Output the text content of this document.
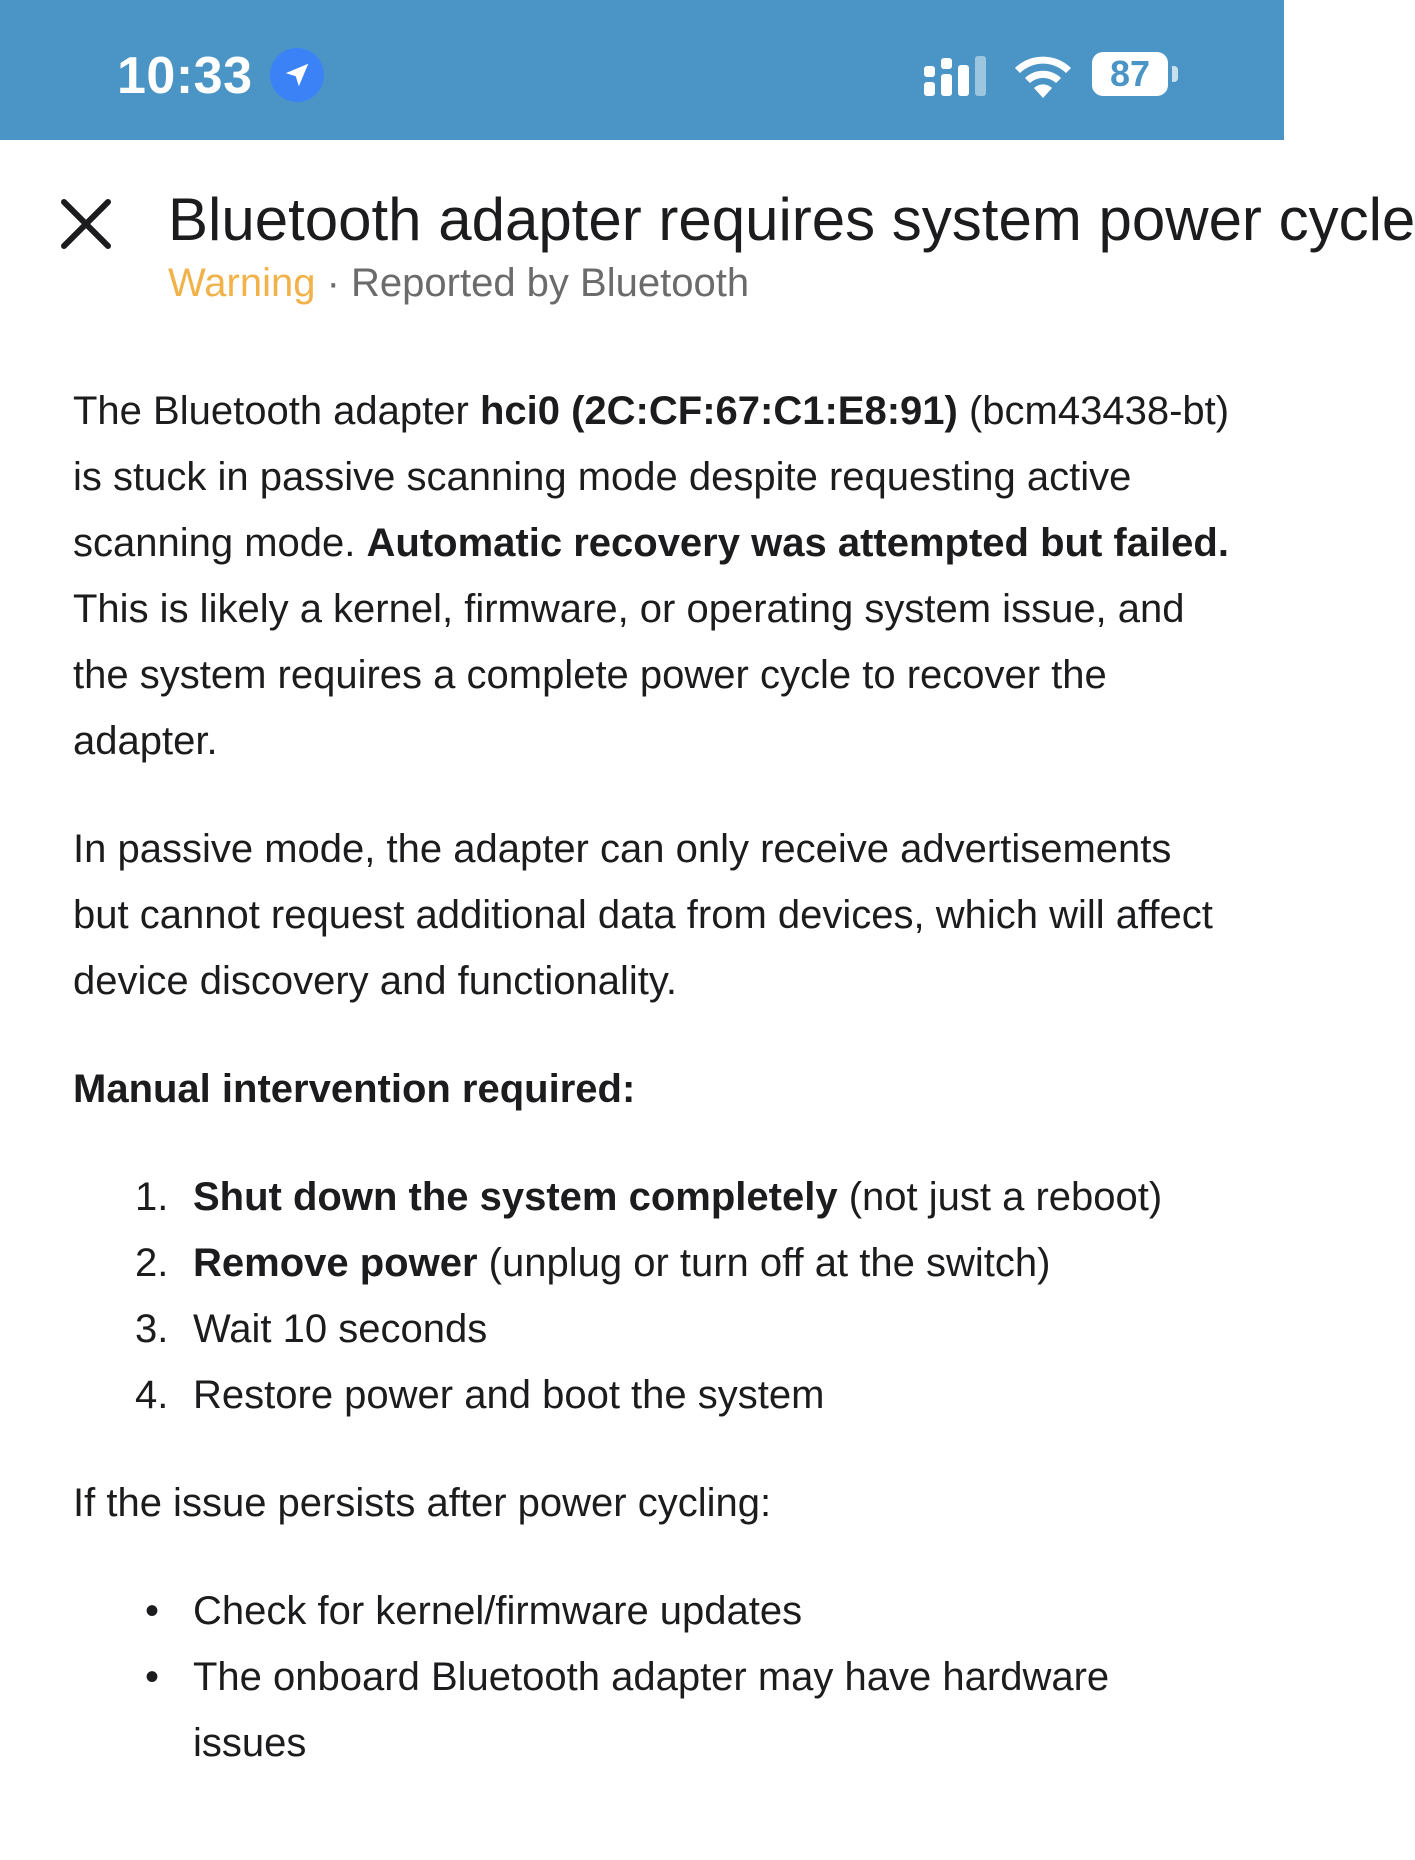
10:33	87
Bluetooth adapter requires system power cycle
Warning · Reported by Bluetooth

The Bluetooth adapter hci0 (2C:CF:67:C1:E8:91) (bcm43438-bt) is stuck in passive scanning mode despite requesting active scanning mode. Automatic recovery was attempted but failed. This is likely a kernel, firmware, or operating system issue, and the system requires a complete power cycle to recover the adapter.

In passive mode, the adapter can only receive advertisements but cannot request additional data from devices, which will affect device discovery and functionality.

Manual intervention required:

1. Shut down the system completely (not just a reboot)
2. Remove power (unplug or turn off at the switch)
3. Wait 10 seconds
4. Restore power and boot the system

If the issue persists after power cycling:

• Check for kernel/firmware updates
• The onboard Bluetooth adapter may have hardware issues
